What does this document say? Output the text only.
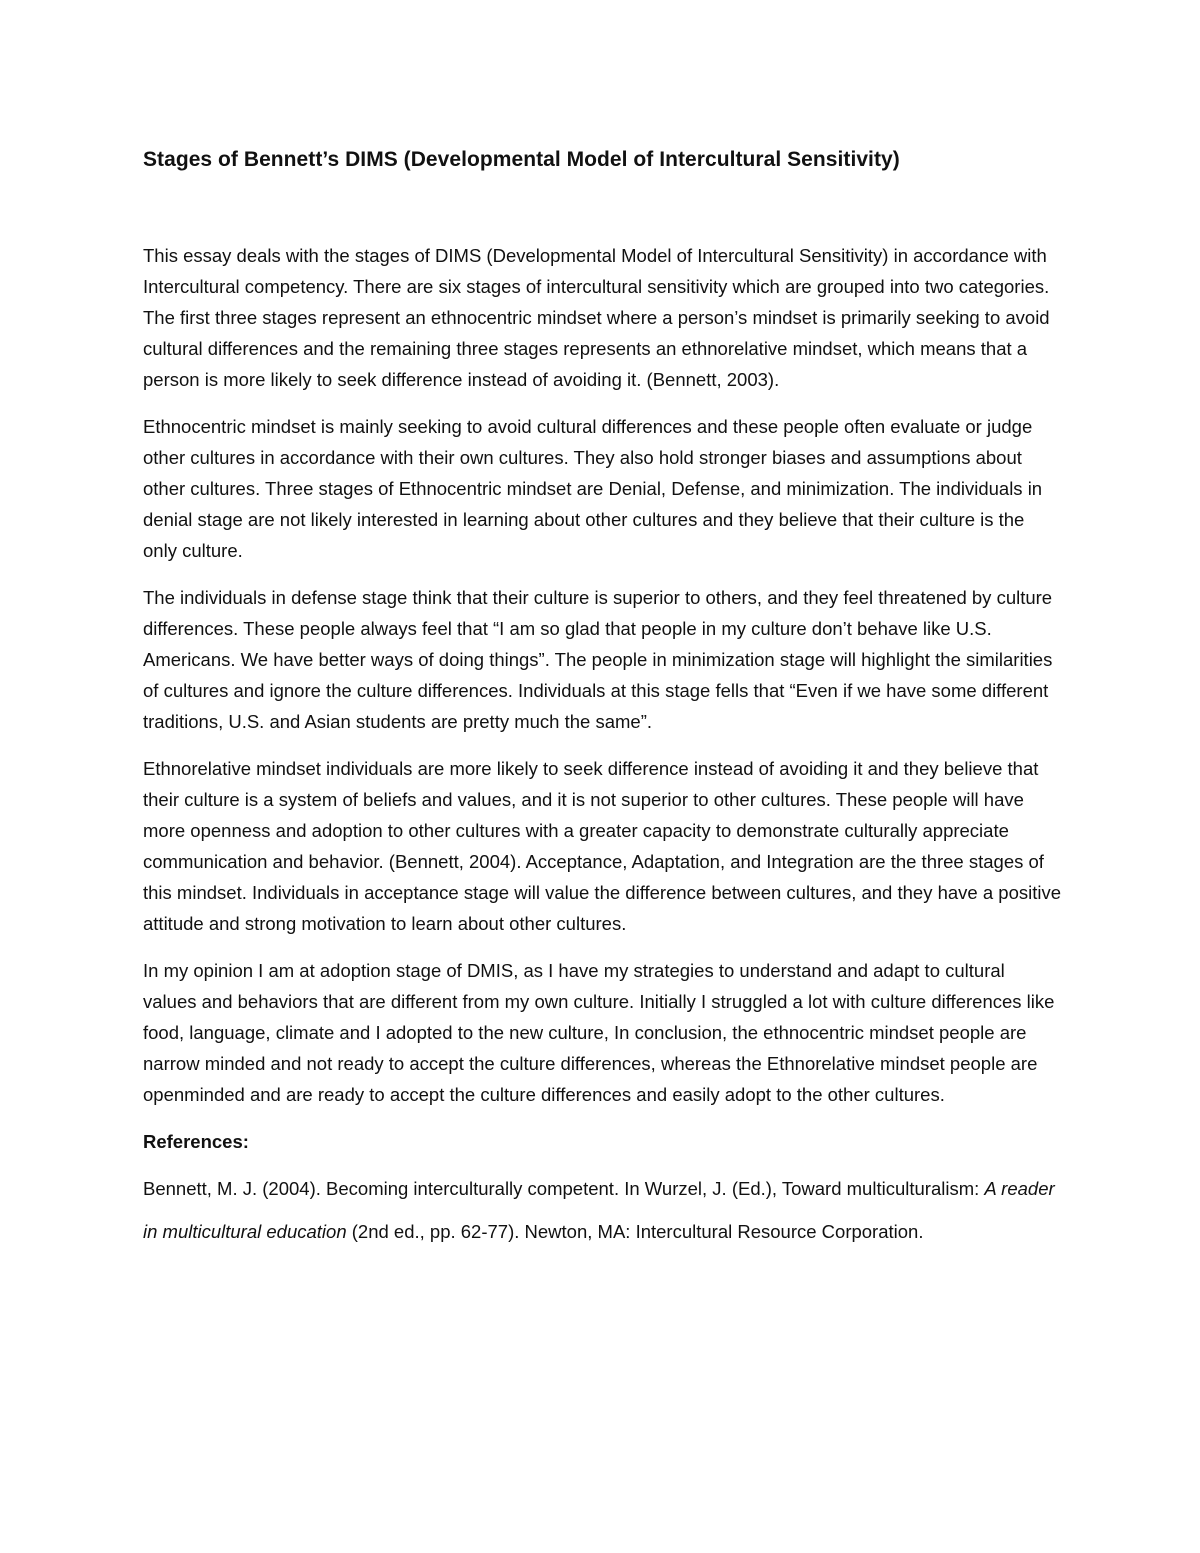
Stages of Bennett’s DIMS (Developmental Model of Intercultural Sensitivity)

This essay deals with the stages of DIMS (Developmental Model of Intercultural Sensitivity) in accordance with Intercultural competency. There are six stages of intercultural sensitivity which are grouped into two categories. The first three stages represent an ethnocentric mindset where a person’s mindset is primarily seeking to avoid cultural differences and the remaining three stages represents an ethnorelative mindset, which means that a person is more likely to seek difference instead of avoiding it. (Bennett, 2003).

Ethnocentric mindset is mainly seeking to avoid cultural differences and these people often evaluate or judge other cultures in accordance with their own cultures. They also hold stronger biases and assumptions about other cultures. Three stages of Ethnocentric mindset are Denial, Defense, and minimization. The individuals in denial stage are not likely interested in learning about other cultures and they believe that their culture is the only culture.

The individuals in defense stage think that their culture is superior to others, and they feel threatened by culture differences. These people always feel that “I am so glad that people in my culture don’t behave like U.S. Americans. We have better ways of doing things”. The people in minimization stage will highlight the similarities of cultures and ignore the culture differences. Individuals at this stage fells that “Even if we have some different traditions, U.S. and Asian students are pretty much the same”.

Ethnorelative mindset individuals are more likely to seek difference instead of avoiding it and they believe that their culture is a system of beliefs and values, and it is not superior to other cultures. These people will have more openness and adoption to other cultures with a greater capacity to demonstrate culturally appreciate communication and behavior. (Bennett, 2004). Acceptance, Adaptation, and Integration are the three stages of this mindset. Individuals in acceptance stage will value the difference between cultures, and they have a positive attitude and strong motivation to learn about other cultures.

In my opinion I am at adoption stage of DMIS, as I have my strategies to understand and adapt to cultural values and behaviors that are different from my own culture. Initially I struggled a lot with culture differences like food, language, climate and I adopted to the new culture, In conclusion, the ethnocentric mindset people are narrow minded and not ready to accept the culture differences, whereas the Ethnorelative mindset people are openminded and are ready to accept the culture differences and easily adopt to the other cultures.

References:

Bennett, M. J. (2004). Becoming interculturally competent. In Wurzel, J. (Ed.), Toward multiculturalism: A reader in multicultural education (2nd ed., pp. 62-77). Newton, MA: Intercultural Resource Corporation.
